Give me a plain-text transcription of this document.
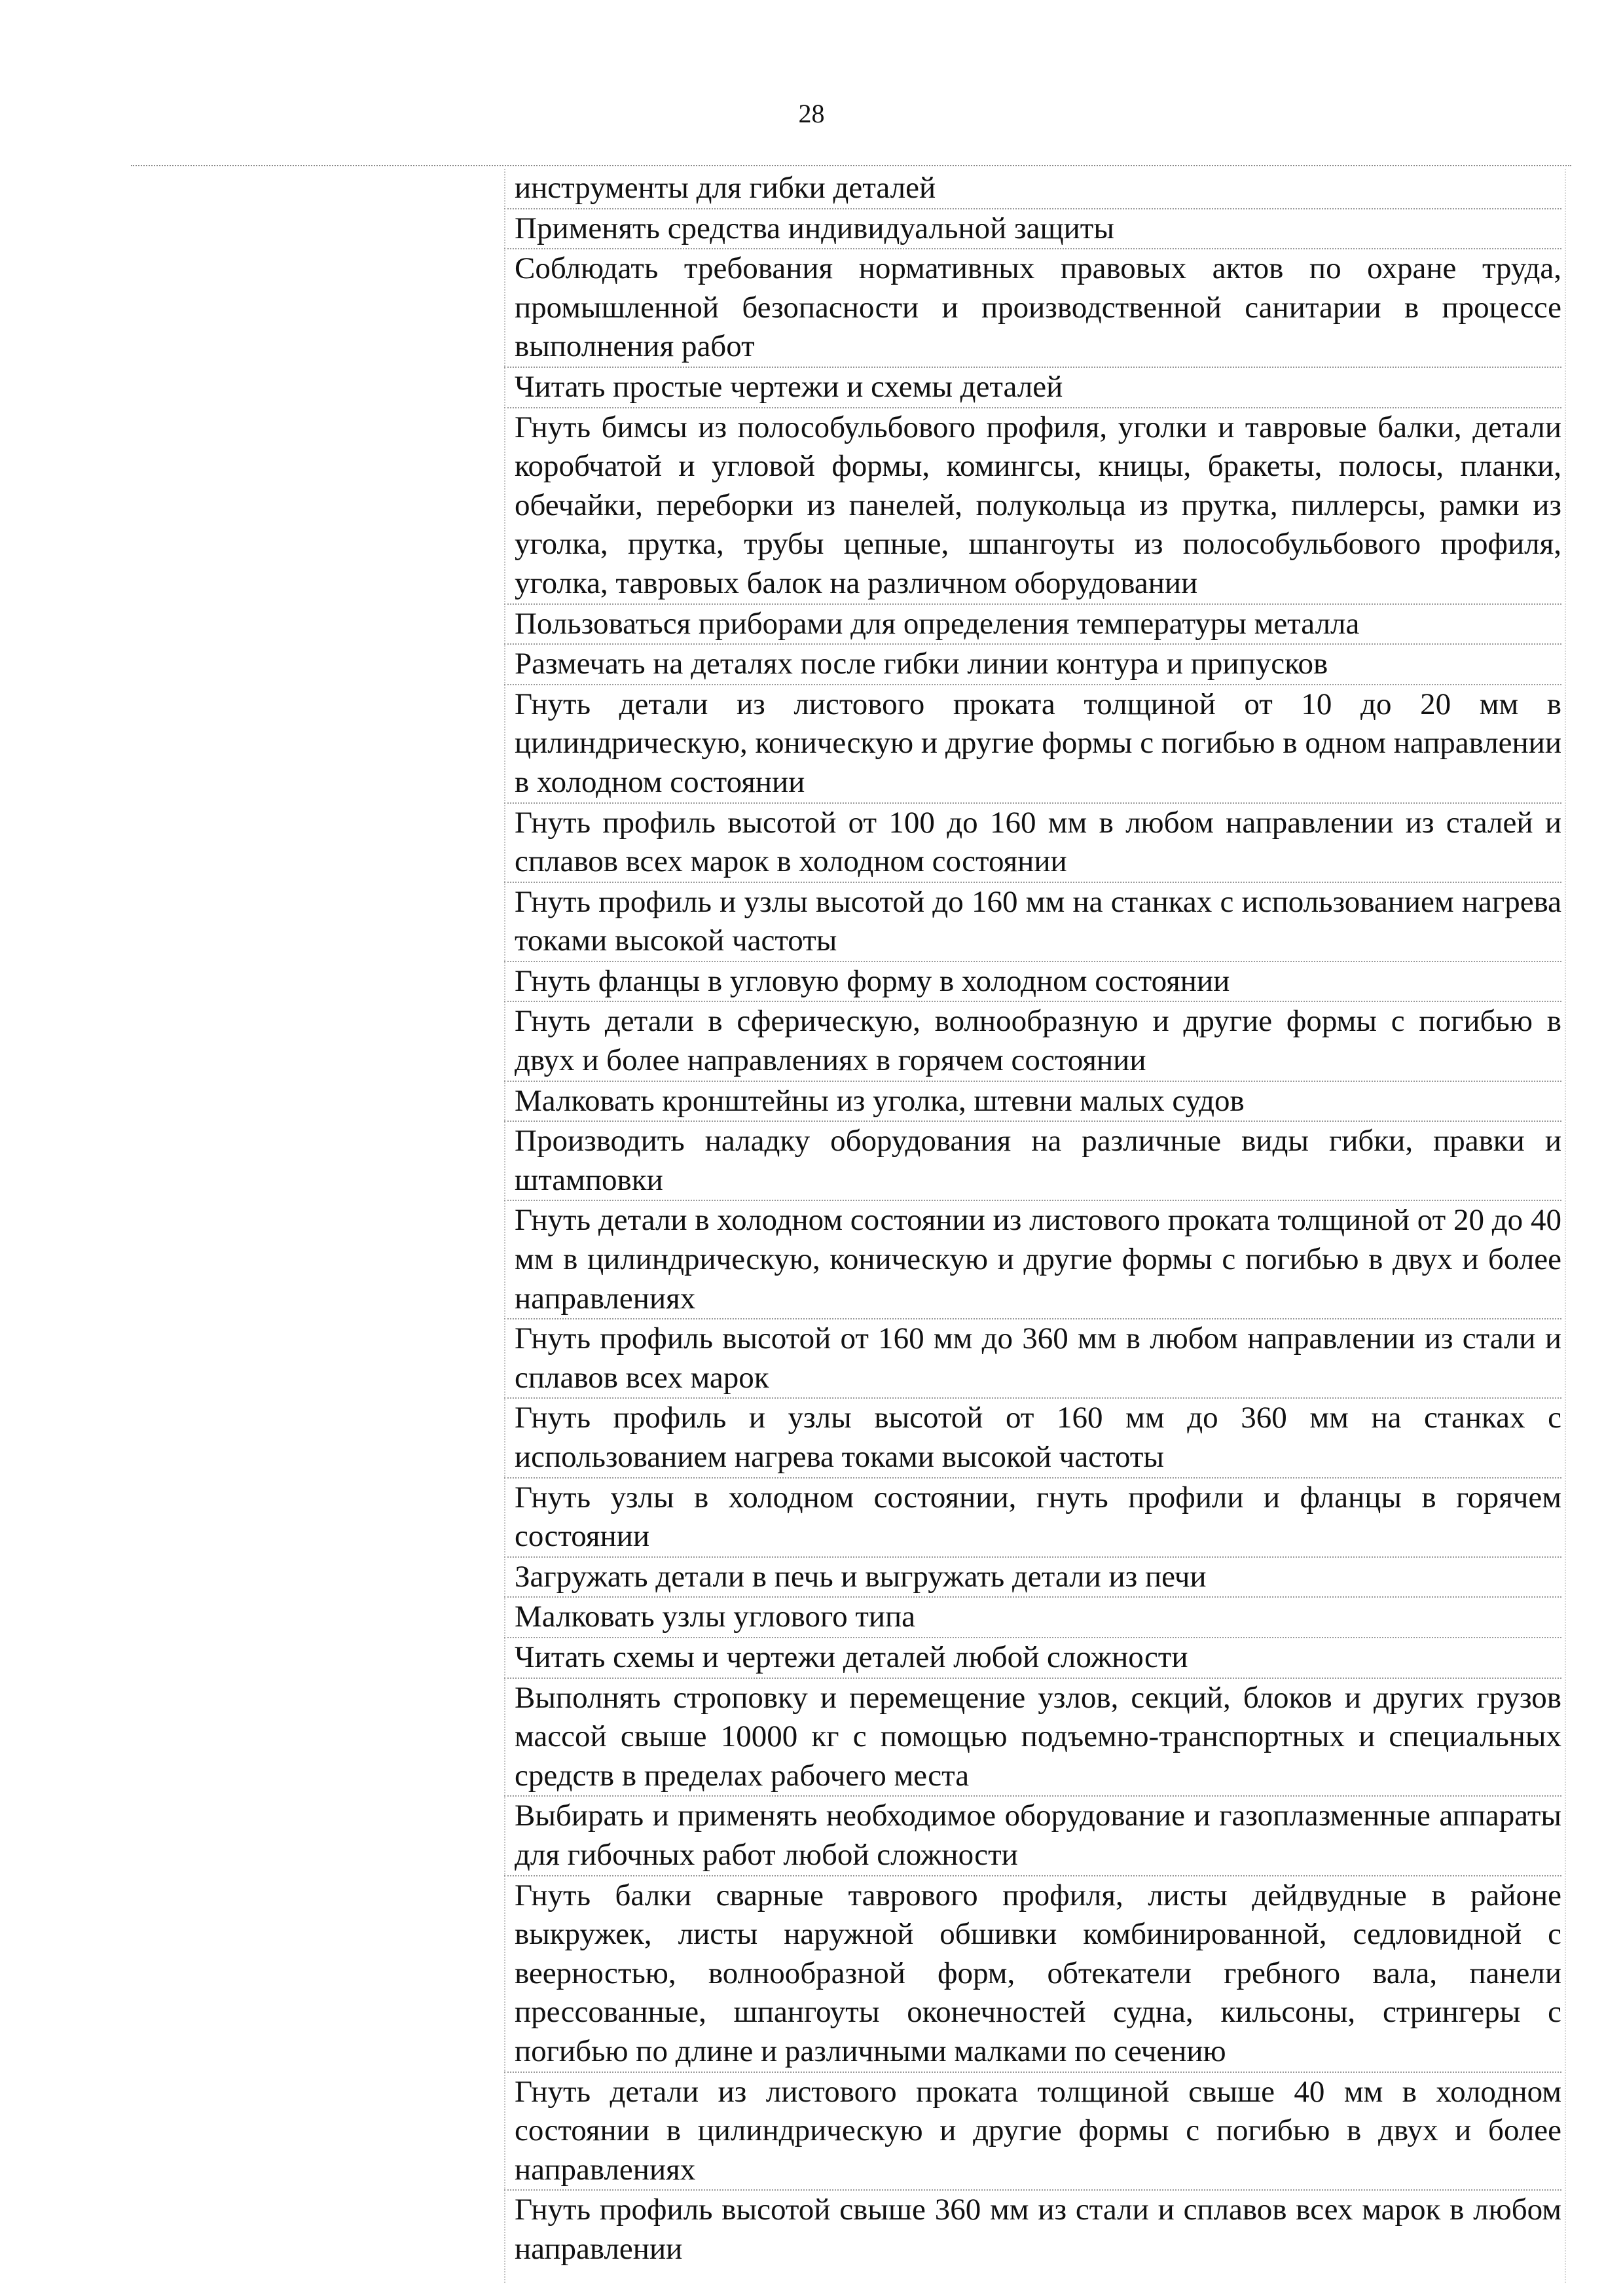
28
инструменты для гибки деталей
Применять средства индивидуальной защиты
Соблюдать требования нормативных правовых актов по охране труда, промышленной безопасности и производственной санитарии в процессе выполнения работ
Читать простые чертежи и схемы деталей
Гнуть бимсы из полособульбового профиля, уголки и тавровые балки, детали коробчатой и угловой формы, комингсы, кницы, бракеты, полосы, планки, обечайки, переборки из панелей, полукольца из прутка, пиллерсы, рамки из уголка, прутка, трубы цепные, шпангоуты из полособульбового профиля, уголка, тавровых балок на различном оборудовании
Пользоваться приборами для определения температуры металла
Размечать на деталях после гибки линии контура и припусков
Гнуть детали из листового проката толщиной от 10 до 20 мм в цилиндрическую, коническую и другие формы с погибью в одном направлении в холодном состоянии
Гнуть профиль высотой от 100 до 160 мм в любом направлении из сталей и сплавов всех марок в холодном состоянии
Гнуть профиль и узлы высотой до 160 мм на станках с использованием нагрева токами высокой частоты
Гнуть фланцы в угловую форму в холодном состоянии
Гнуть детали в сферическую, волнообразную и другие формы с погибью в двух и более направлениях в горячем состоянии
Малковать кронштейны из уголка, штевни малых судов
Производить наладку оборудования на различные виды гибки, правки и штамповки
Гнуть детали в холодном состоянии из листового проката толщиной от 20 до 40 мм в цилиндрическую, коническую и другие формы с погибью в двух и более направлениях
Гнуть профиль высотой от 160 мм до 360 мм в любом направлении из стали и сплавов всех марок
Гнуть профиль и узлы высотой от 160 мм до 360 мм на станках с использованием нагрева токами высокой частоты
Гнуть узлы в холодном состоянии, гнуть профили и фланцы в горячем состоянии
Загружать детали в печь и выгружать детали из печи
Малковать узлы углового типа
Читать схемы и чертежи деталей любой сложности
Выполнять строповку и перемещение узлов, секций, блоков и других грузов массой свыше 10000 кг с помощью подъемно-транспортных и специальных средств в пределах рабочего места
Выбирать и применять необходимое оборудование и газоплазменные аппараты для гибочных работ любой сложности
Гнуть балки сварные таврового профиля, листы дейдвудные в районе выкружек, листы наружной обшивки комбинированной, седловидной с веерностью, волнообразной форм, обтекатели гребного вала, панели прессованные, шпангоуты оконечностей судна, кильсоны, стрингеры с погибью по длине и различными малками по сечению
Гнуть детали из листового проката толщиной свыше 40 мм в холодном состоянии в цилиндрическую и другие формы с погибью в двух и более направлениях
Гнуть профиль высотой свыше 360 мм из стали и сплавов всех марок в любом направлении
